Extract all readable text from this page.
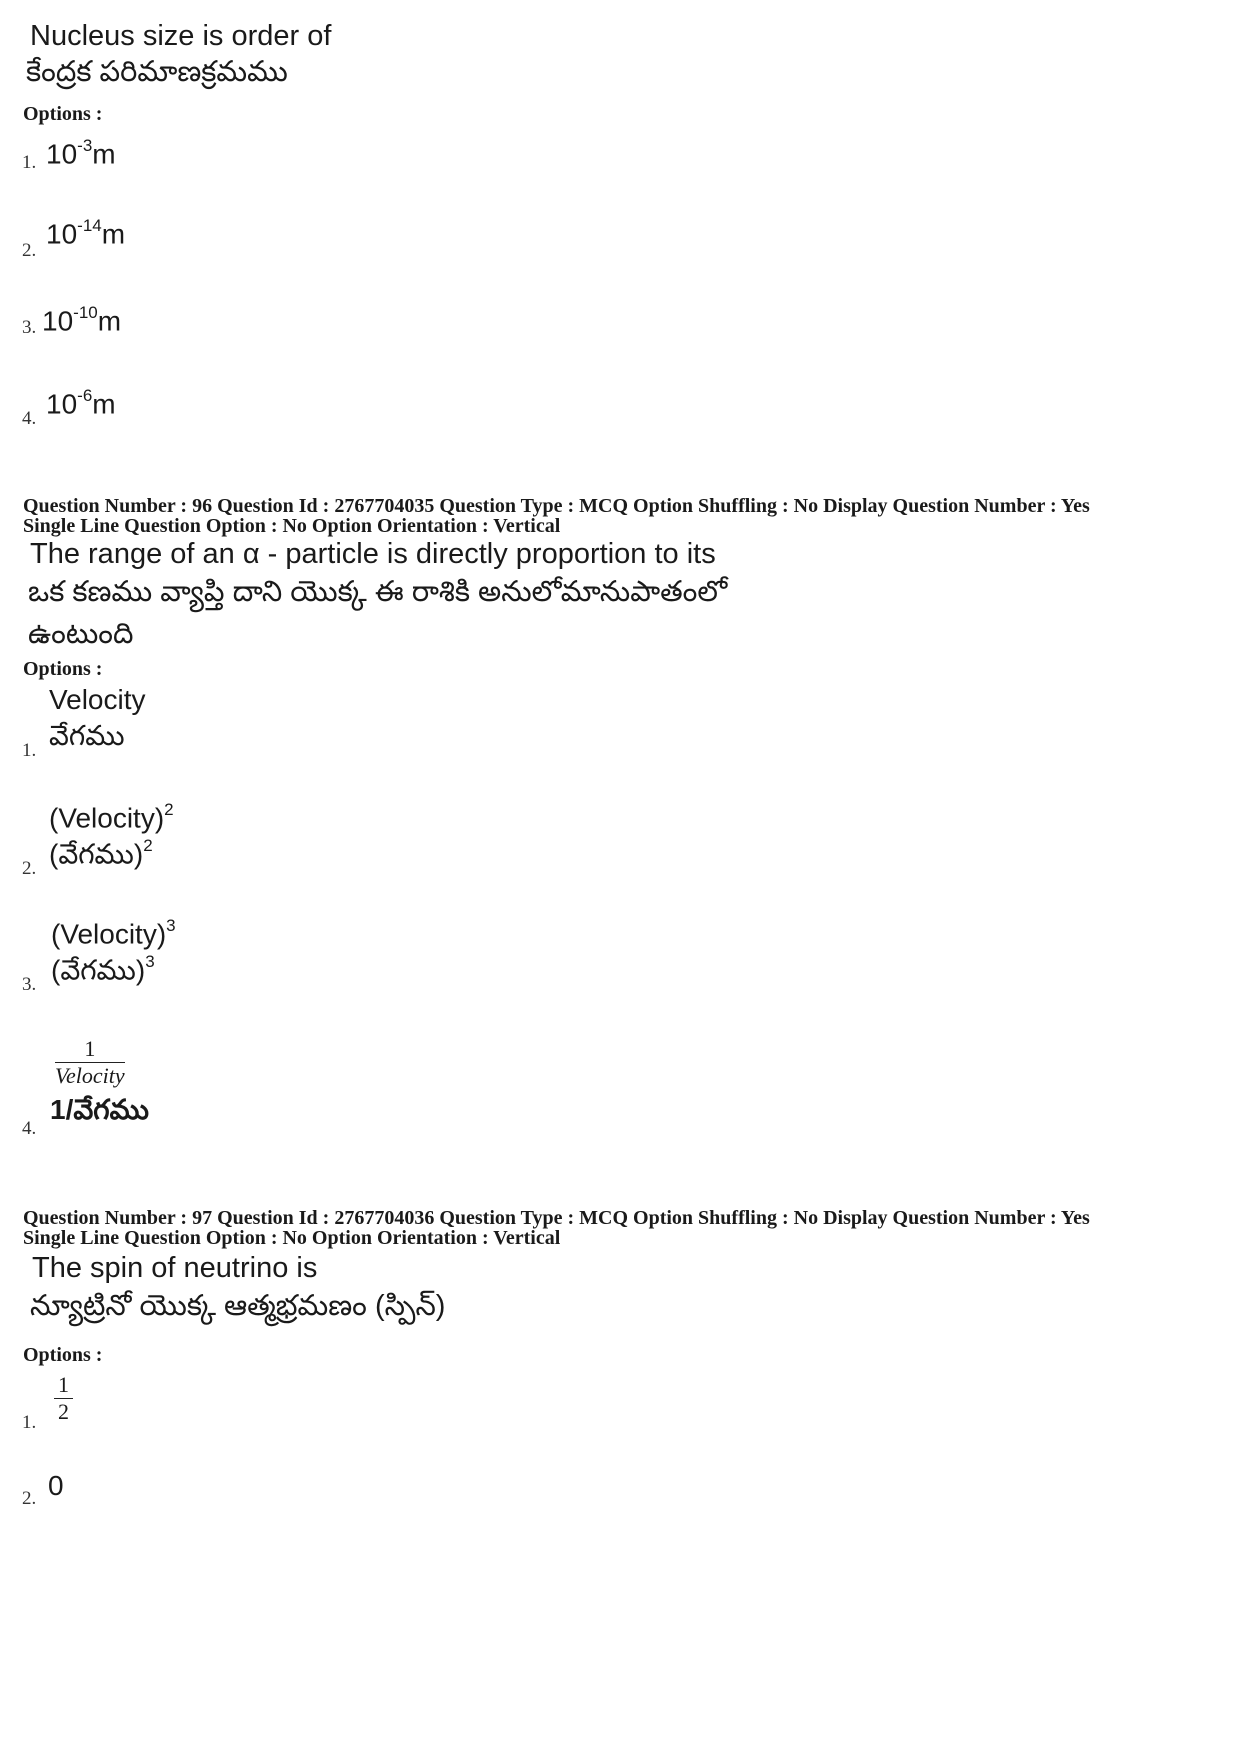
Nucleus size is order of
కేంద్రక పరిమాణక్రమము
Options :
1. $10^{-3}m$
2.
$10^{-14}m$
3. $10^{-10}m$
4. $10^{-6}m$
Question Number : 96 Question Id : 2767704035 Question Type : MCQ Option Shuffling : No Display Question Number : Yes
Single Line Question Option : No Option Orientation : Vertical
The range of an α - particle is directly proportion to its
ఒక కణము వ్యాప్తి దాని యొక్క ఈ రాశికి అనులోమానుపాతంలో
ఉంటుంది
Options :
Velocity
వేగము
1.
(Velocity)$^2$
(వేగము)$^2$
2.
(Velocity)$^3$
(వేగము)$^3$
3.
1
Velocity
1/వేగము
4.
Question Number : 97 Question Id : 2767704036 Question Type : MCQ Option Shuffling : No Display Question Number : Yes
Single Line Question Option : No Option Orientation : Vertical
The spin of neutrino is
న్యూట్రినో యొక్క ఆత్మభ్రమణం (స్పిన్)
Options :
1
2
1.
0
2.
